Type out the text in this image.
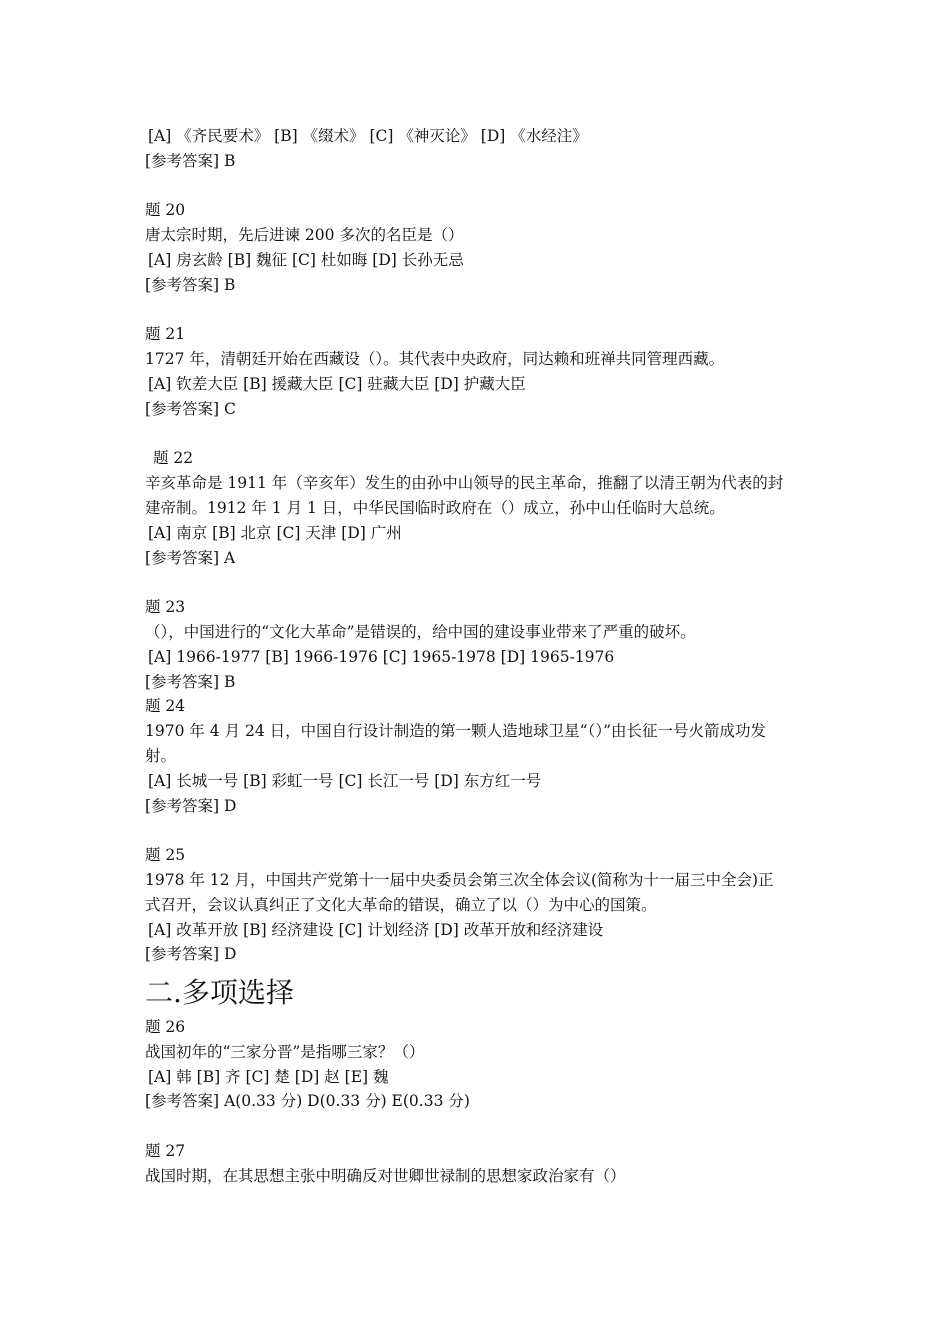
[A] 《齐民要术》 [B] 《缀术》 [C] 《神灭论》 [D] 《水经注》

[参考答案] B

题 20

唐太宗时期，先后进谏 200 多次的名臣是（）

[A] 房玄龄 [B] 魏征 [C] 杜如晦 [D] 长孙无忌

[参考答案] B

题 21

1727 年，清朝廷开始在西藏设（）。其代表中央政府，同达赖和班禅共同管理西藏。

[A] 钦差大臣 [B] 援藏大臣 [C] 驻藏大臣 [D] 护藏大臣

[参考答案] C

题 22

辛亥革命是 1911 年（辛亥年）发生的由孙中山领导的民主革命，推翻了以清王朝为代表的封

建帝制。1912 年 1 月 1 日，中华民国临时政府在（）成立，孙中山任临时大总统。

[A] 南京 [B] 北京 [C] 天津 [D] 广州

[参考答案] A

题 23

（），中国进行的“文化大革命”是错误的，给中国的建设事业带来了严重的破坏。

[A] 1966-1977 [B] 1966-1976 [C] 1965-1978 [D] 1965-1976

[参考答案] B

题 24

1970 年 4 月 24 日，中国自行设计制造的第一颗人造地球卫星“（）”由长征一号火箭成功发

射。

[A] 长城一号 [B] 彩虹一号 [C] 长江一号 [D] 东方红一号

[参考答案] D

题 25

1978 年 12 月，中国共产党第十一届中央委员会第三次全体会议(简称为十一届三中全会)正

式召开，会议认真纠正了文化大革命的错误，确立了以（）为中心的国策。

[A] 改革开放 [B] 经济建设 [C] 计划经济 [D] 改革开放和经济建设

[参考答案] D

二.多项选择

题 26

战国初年的“三家分晋”是指哪三家？（）

[A] 韩 [B] 齐 [C] 楚 [D] 赵 [E] 魏

[参考答案] A(0.33 分) D(0.33 分) E(0.33 分)

题 27

战国时期，在其思想主张中明确反对世卿世禄制的思想家政治家有（）
